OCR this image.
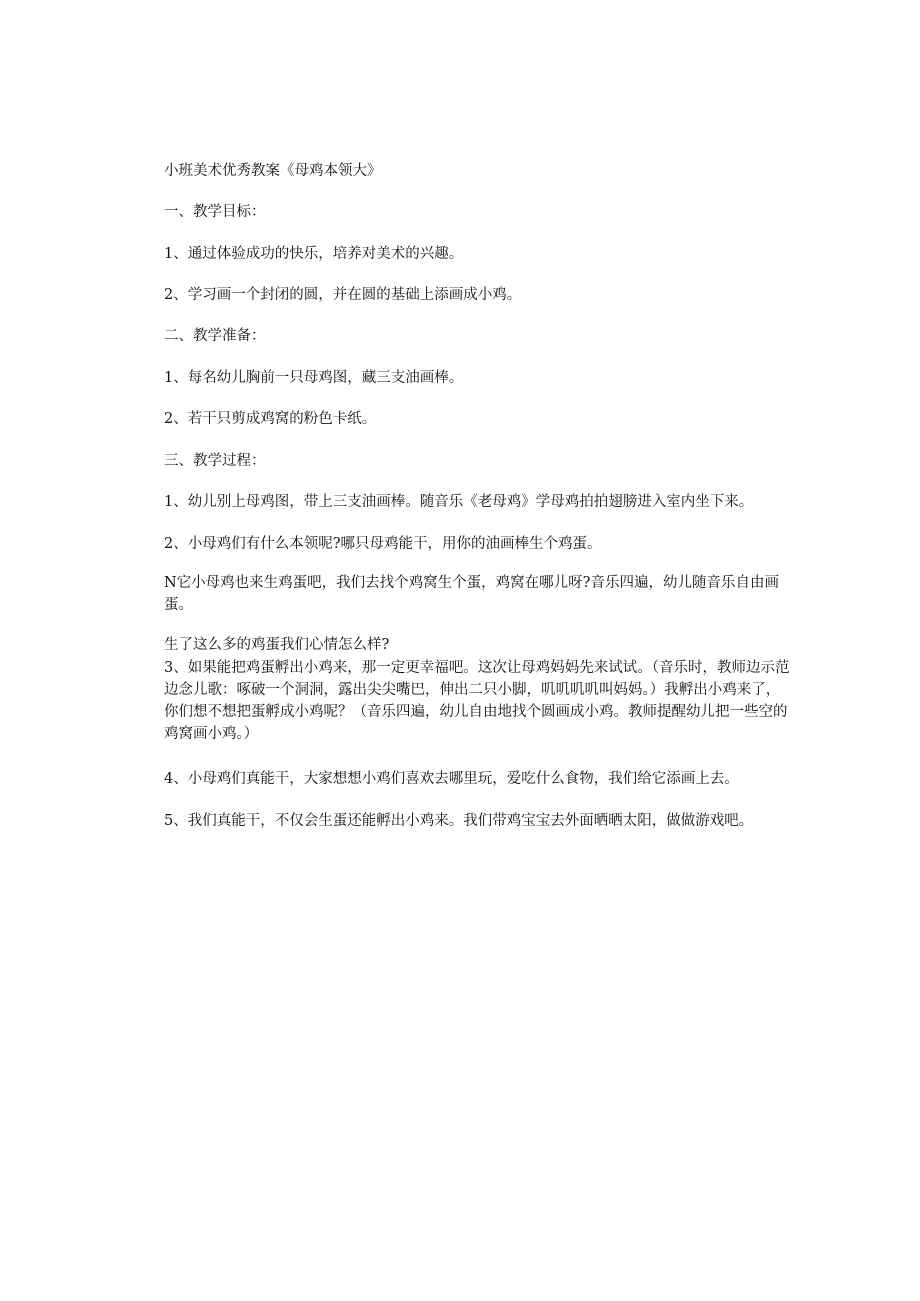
小班美术优秀教案《母鸡本领大》

一、教学目标：

1、通过体验成功的快乐，培养对美术的兴趣。

2、学习画一个封闭的圆，并在圆的基础上添画成小鸡。

二、教学准备：

1、每名幼儿胸前一只母鸡图，藏三支油画棒。

2、若干只剪成鸡窝的粉色卡纸。

三、教学过程：

1、幼儿别上母鸡图，带上三支油画棒。随音乐《老母鸡》学母鸡拍拍翅膀进入室内坐下来。

2、小母鸡们有什么本领呢?哪只母鸡能干，用你的油画棒生个鸡蛋。

N它小母鸡也来生鸡蛋吧，我们去找个鸡窝生个蛋，鸡窝在哪儿呀?音乐四遍，幼儿随音乐自由画蛋。

生了这么多的鸡蛋我们心情怎么样?

3、如果能把鸡蛋孵出小鸡来，那一定更幸福吧。这次让母鸡妈妈先来试试。（音乐时，教师边示范边念儿歌：啄破一个洞洞，露出尖尖嘴巴，伸出二只小脚，叽叽叽叽叫妈妈。）我孵出小鸡来了，你们想不想把蛋孵成小鸡呢？（音乐四遍，幼儿自由地找个圆画成小鸡。教师提醒幼儿把一些空的鸡窝画小鸡。）

4、小母鸡们真能干，大家想想小鸡们喜欢去哪里玩，爱吃什么食物，我们给它添画上去。

5、我们真能干，不仅会生蛋还能孵出小鸡来。我们带鸡宝宝去外面晒晒太阳，做做游戏吧。
